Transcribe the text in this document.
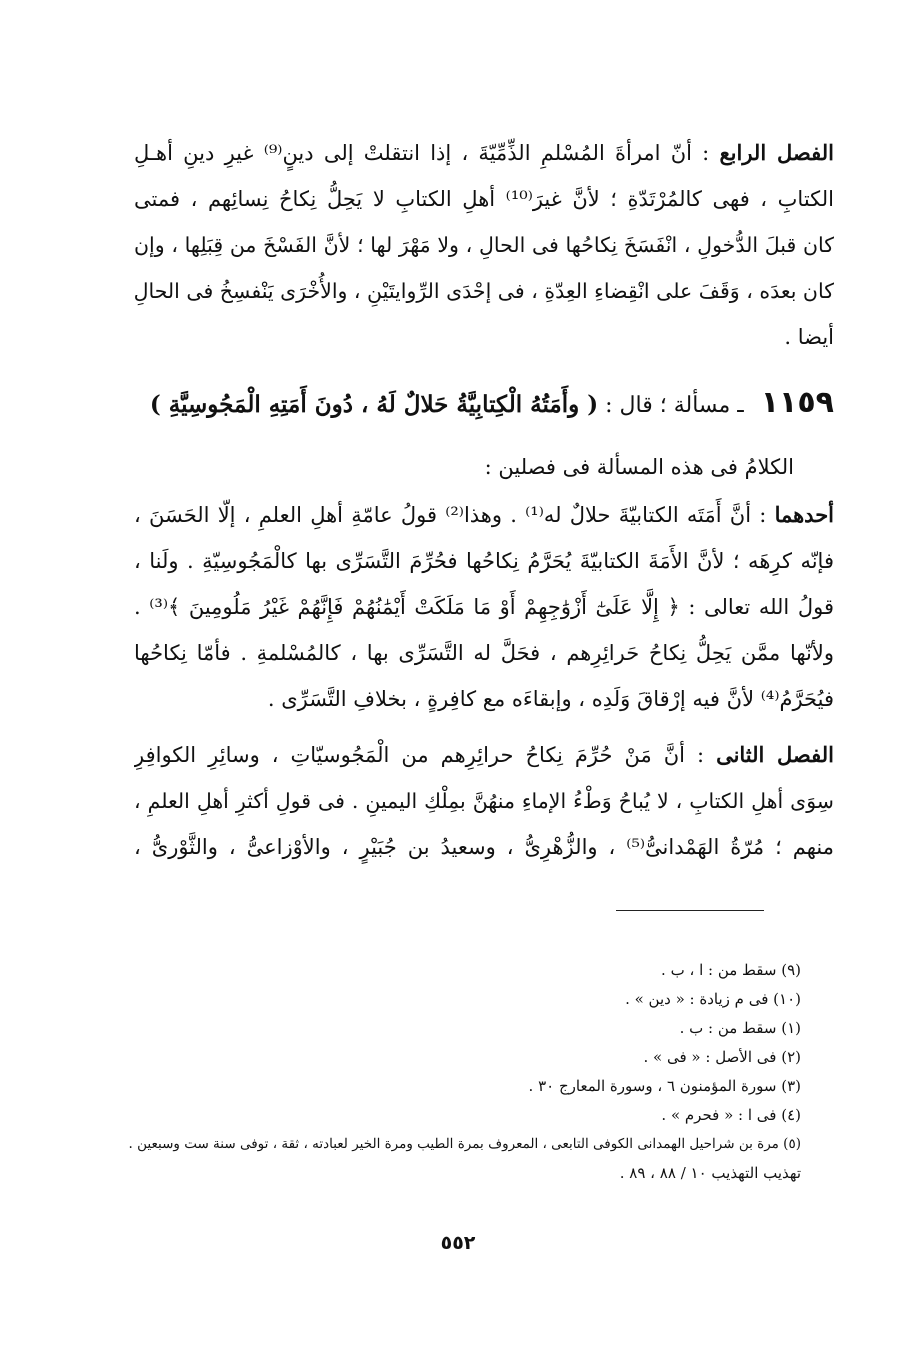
الفصل الرابع : أنّ امرأةَ المُسْلمِ الذِّمِّيّةَ ، إذا انتقلتْ إلى دينٍ⁽⁹⁾ غيرِ دينِ أهـلِ
الكتابِ ، فهى كالمُرْتَدّةِ ؛ لأنَّ غيرَ⁽¹⁰⁾ أهلِ الكتابِ لا يَحِلُّ نِكاحُ نِسائِهم ، فمتى
كان قبلَ الدُّخولِ ، انْفَسَخَ نِكاحُها فى الحالِ ، ولا مَهْرَ لها ؛ لأنَّ الفَسْخَ من قِبَلِها ، وإن
كان بعدَه ، وَقَفَ على انْقِضاءِ العِدّةِ ، فى إحْدَى الرِّوايتَيْنِ ، والأُخْرَى يَنْفسِخُ فى الحالِ
أيضا .
١١٥٩ ـ مسألة ؛ قال : ( وأَمَتُهُ الْكِتابِيَّةُ حَلالٌ لَهُ ، دُونَ أَمَتِهِ الْمَجُوسِيَّةِ )
الكلامُ فى هذه المسألة فى فصلين :
أحدهما : أنَّ أَمَتَه الكتابيّةَ حلالٌ له⁽¹⁾ . وهذا⁽²⁾ قولُ عامّةِ أهلِ العلمِ ، إلّا الحَسَنَ ،
فإنّه كرِهَه ؛ لأنَّ الأَمَةَ الكتابيّةَ يُحَرَّمُ نِكاحُها فحُرِّمَ التَّسَرِّى بها كالْمَجُوسِيّةِ . ولَنا ،
قولُ الله تعالى : ﴿ إِلَّا عَلَىٰٓ أَزْوَٰجِهِمْ أَوْ مَا مَلَكَتْ أَيْمَٰنُهُمْ فَإِنَّهُمْ غَيْرُ مَلُومِينَ ﴾⁽³⁾ .
ولأنّها ممَّن يَحِلُّ نِكاحُ حَرائِرِهم ، فحَلَّ له التَّسَرِّى بها ، كالمُسْلمةِ . فأمّا نِكاحُها
فيُحَرَّمُ⁽⁴⁾ لأنَّ فيه إرْقاقَ وَلَدِه ، وإبقاءَه مع كافِرةٍ ، بخلافِ التَّسَرِّى .
الفصل الثانى : أنَّ مَنْ حُرِّمَ نِكاحُ حرائِرِهم من الْمَجُوسيّاتِ ، وسائِرِ الكوافِرِ
سِوَى أهلِ الكتابِ ، لا يُباحُ وَطْءُ الإماءِ منهُنَّ بمِلْكِ اليمينِ . فى قولِ أكثرِ أهلِ العلمِ ،
منهم ؛ مُرّةُ الهَمْدانىُّ⁽⁵⁾ ، والزُّهْرِىُّ ، وسعيدُ بن جُبَيْرٍ ، والأوْزاعىُّ ، والثَّوْرىُّ ،
(٩) سقط من : ا ، ب .
(١٠) فى م زيادة : « دين » .
(١) سقط من : ب .
(٢) فى الأصل : « فى » .
(٣) سورة المؤمنون ٦ ، وسورة المعارج ٣٠ .
(٤) فى ا : « فحرم » .
(٥) مرة بن شراحيل الهمدانى الكوفى التابعى ، المعروف بمرة الطيب ومرة الخير لعبادته ، ثقة ، توفى سنة ست وسبعين .
تهذيب التهذيب ١٠ / ٨٨ ، ٨٩ .
٥٥٢
